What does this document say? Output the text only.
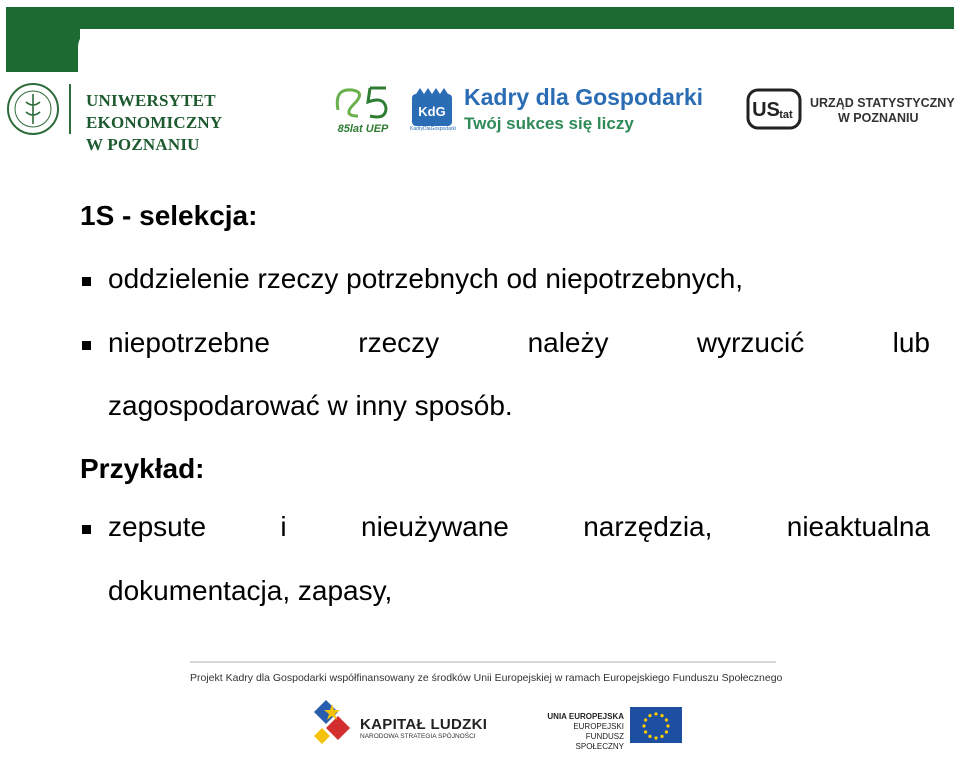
UNIWERSYTET EKONOMICZNY
W POZNANIU
85lat UEP
KdG
KadryDlaGospodarki
Kadry dla Gospodarki
Twój sukces się liczy
US tat
URZĄD STATYSTYCZNY
W POZNANIU
1S - selekcja:
oddzielenie rzeczy potrzebnych od niepotrzebnych,
niepotrzebne	rzeczy	należy	wyrzucić	lub
zagospodarować w inny sposób.
Przykład:
zepsute	i	nieużywane	narzędzia,	nieaktualna
dokumentacja, zapasy,
Projekt Kadry dla Gospodarki współfinansowany ze środków Unii Europejskiej w ramach Europejskiego Funduszu Społecznego
KAPITAŁ LUDZKI
NARODOWA STRATEGIA SPÓJNOŚCI
UNIA EUROPEJSKA
EUROPEJSKI
FUNDUSZ SPOŁECZNY
